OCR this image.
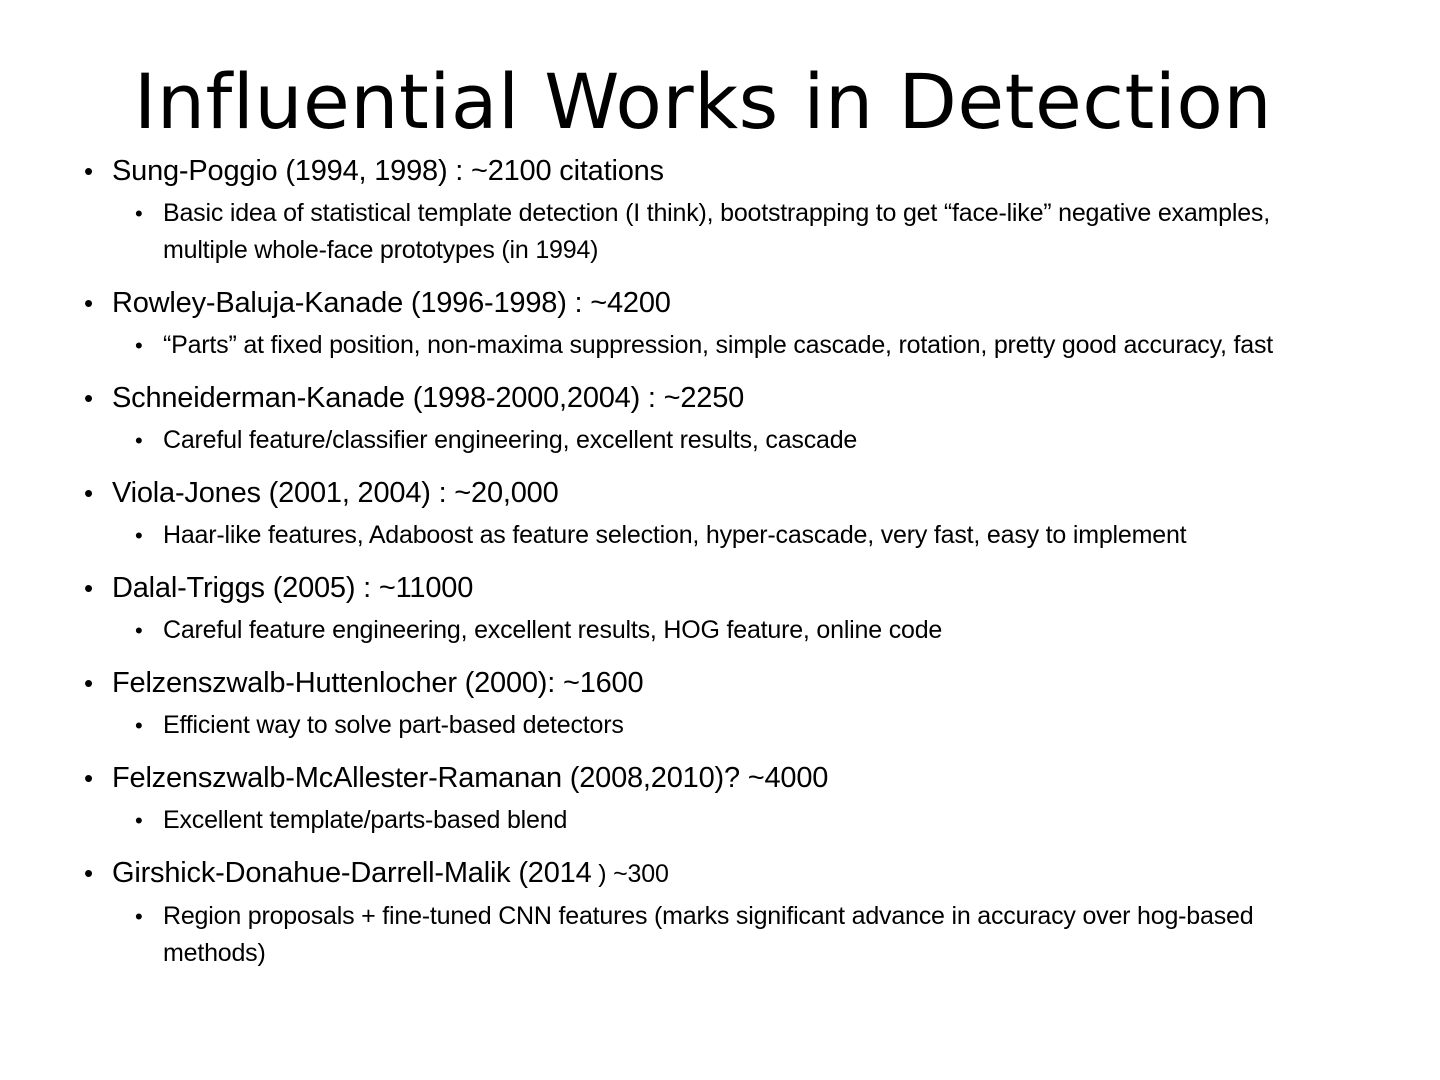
Influential Works in Detection
• Sung-Poggio (1994, 1998) : ~2100 citations
• Basic idea of statistical template detection (I think), bootstrapping to get “face-like” negative examples, multiple whole-face prototypes (in 1994)
• Rowley-Baluja-Kanade (1996-1998) : ~4200
• “Parts” at fixed position, non-maxima suppression, simple cascade, rotation, pretty good accuracy, fast
• Schneiderman-Kanade (1998-2000,2004) : ~2250
• Careful feature/classifier engineering, excellent results, cascade
• Viola-Jones (2001, 2004) : ~20,000
• Haar-like features, Adaboost as feature selection, hyper-cascade, very fast, easy to implement
• Dalal-Triggs (2005) : ~11000
• Careful feature engineering, excellent results, HOG feature, online code
• Felzenszwalb-Huttenlocher (2000): ~1600
• Efficient way to solve part-based detectors
• Felzenszwalb-McAllester-Ramanan (2008,2010)? ~4000
• Excellent template/parts-based blend
• Girshick-Donahue-Darrell-Malik (2014 ) ~300
• Region proposals + fine-tuned CNN features (marks significant advance in accuracy over hog-based methods)
